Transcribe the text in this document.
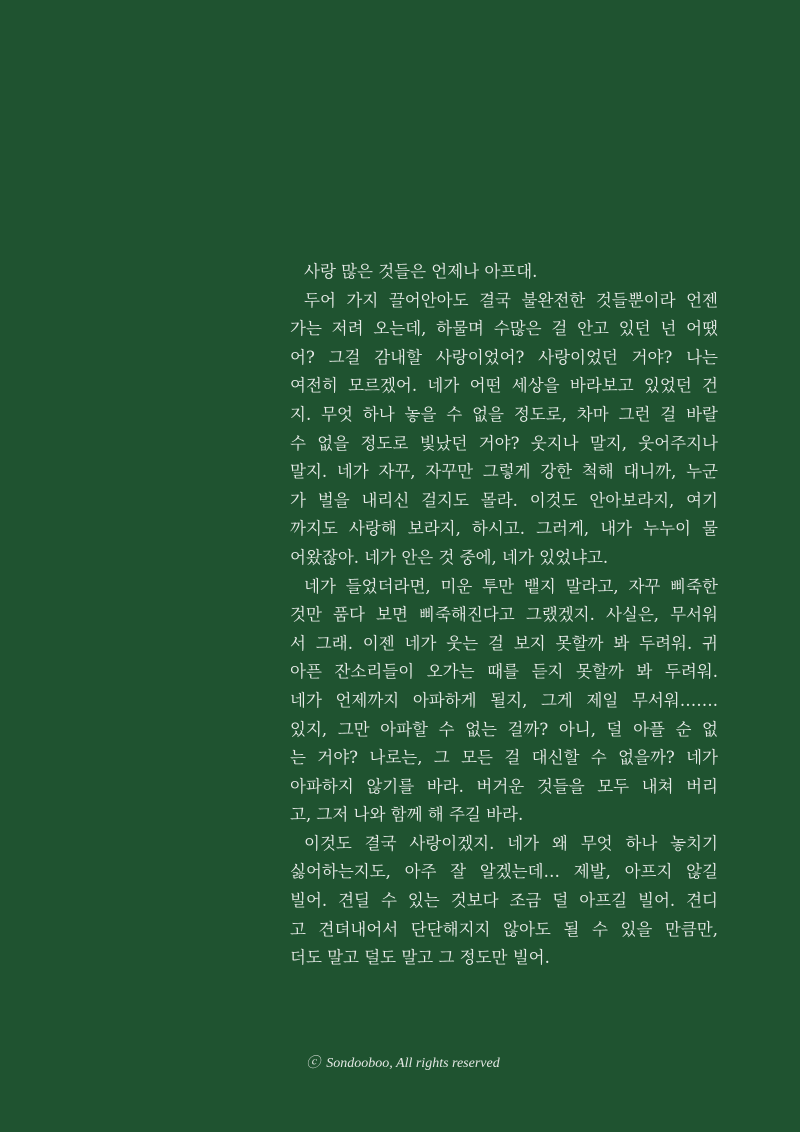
사랑 많은 것들은 언제나 아프대.
두어 가지 끌어안아도 결국 불완전한 것들뿐이라 언젠
가는 저려 오는데, 하물며 수많은 걸 안고 있던 넌 어땠
어? 그걸 감내할 사랑이었어? 사랑이었던 거야? 나는
여전히 모르겠어. 네가 어떤 세상을 바라보고 있었던 건
지. 무엇 하나 놓을 수 없을 정도로, 차마 그런 걸 바랄
수 없을 정도로 빛났던 거야? 웃지나 말지, 웃어주지나
말지. 네가 자꾸, 자꾸만 그렇게 강한 척해 대니까, 누군
가 벌을 내리신 걸지도 몰라. 이것도 안아보라지, 여기
까지도 사랑해 보라지, 하시고. 그러게, 내가 누누이 물
어왔잖아. 네가 안은 것 중에, 네가 있었냐고.
네가 들었더라면, 미운 투만 뱉지 말라고, 자꾸 삐죽한
것만 품다 보면 삐죽해진다고 그랬겠지. 사실은, 무서워
서 그래. 이젠 네가 웃는 걸 보지 못할까 봐 두려워. 귀
아픈 잔소리들이 오가는 때를 듣지 못할까 봐 두려워.
네가 언제까지 아파하게 될지, 그게 제일 무서워…….
있지, 그만 아파할 수 없는 걸까? 아니, 덜 아플 순 없
는 거야? 나로는, 그 모든 걸 대신할 수 없을까? 네가
아파하지 않기를 바라. 버거운 것들을 모두 내쳐 버리
고, 그저 나와 함께 해 주길 바라.
이것도 결국 사랑이겠지. 네가 왜 무엇 하나 놓치기
싫어하는지도, 아주 잘 알겠는데… 제발, 아프지 않길
빌어. 견딜 수 있는 것보다 조금 덜 아프길 빌어. 견디
고 견뎌내어서 단단해지지 않아도 될 수 있을 만큼만,
더도 말고 덜도 말고 그 정도만 빌어.
ⓒ Sondooboo, All rights reserved
